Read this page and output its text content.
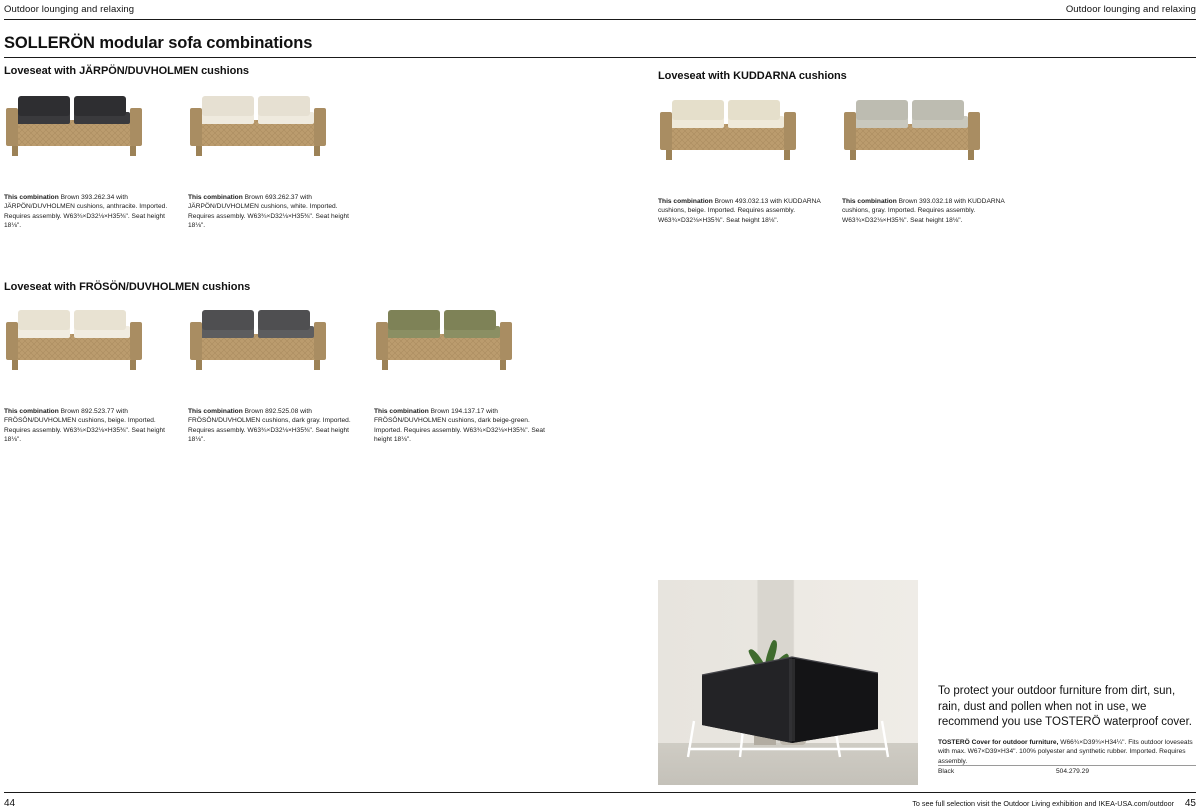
Outdoor lounging and relaxing	Outdoor lounging and relaxing
SOLLERÖN modular sofa combinations
Loveseat with JÄRPÖN/DUVHOLMEN cushions
This combination Brown 393.262.34 with JÄRPÖN/DUVHOLMEN cushions, anthracite. Imported. Requires assembly. W63¾×D32⅛×H35⅜". Seat height 18⅛".
This combination Brown 693.262.37 with JÄRPÖN/DUVHOLMEN cushions, white. Imported. Requires assembly. W63¾×D32⅛×H35⅜". Seat height 18⅛".
Loveseat with KUDDARNA cushions
This combination Brown 493.032.13 with KUDDARNA cushions, beige. Imported. Requires assembly. W63¾×D32⅛×H35⅜". Seat height 18⅛".
This combination Brown 393.032.18 with KUDDARNA cushions, gray. Imported. Requires assembly. W63¾×D32⅛×H35⅜". Seat height 18⅛".
Loveseat with FRÖSÖN/DUVHOLMEN cushions
This combination Brown 892.523.77 with FRÖSÖN/DUVHOLMEN cushions, beige. Imported. Requires assembly. W63¾×D32⅛×H35⅜". Seat height 18⅛".
This combination Brown 892.525.08 with FRÖSÖN/DUVHOLMEN cushions, dark gray. Imported. Requires assembly. W63¾×D32⅛×H35⅜". Seat height 18⅛".
This combination Brown 194.137.17 with FRÖSÖN/DUVHOLMEN cushions, dark beige-green. Imported. Requires assembly. W63¾×D32⅛×H35⅜". Seat height 18⅛".
To protect your outdoor furniture from dirt, sun, rain, dust and pollen when not in use, we recommend you use TOSTERÖ waterproof cover.
TOSTERÖ Cover for outdoor furniture, W66¾×D39¾×H34¼". Fits outdoor loveseats with max. W67×D39×H34". 100% polyester and synthetic rubber. Imported. Requires assembly.
Black	504.279.29
44	45
To see full selection visit the Outdoor Living exhibition and IKEA-USA.com/outdoor
